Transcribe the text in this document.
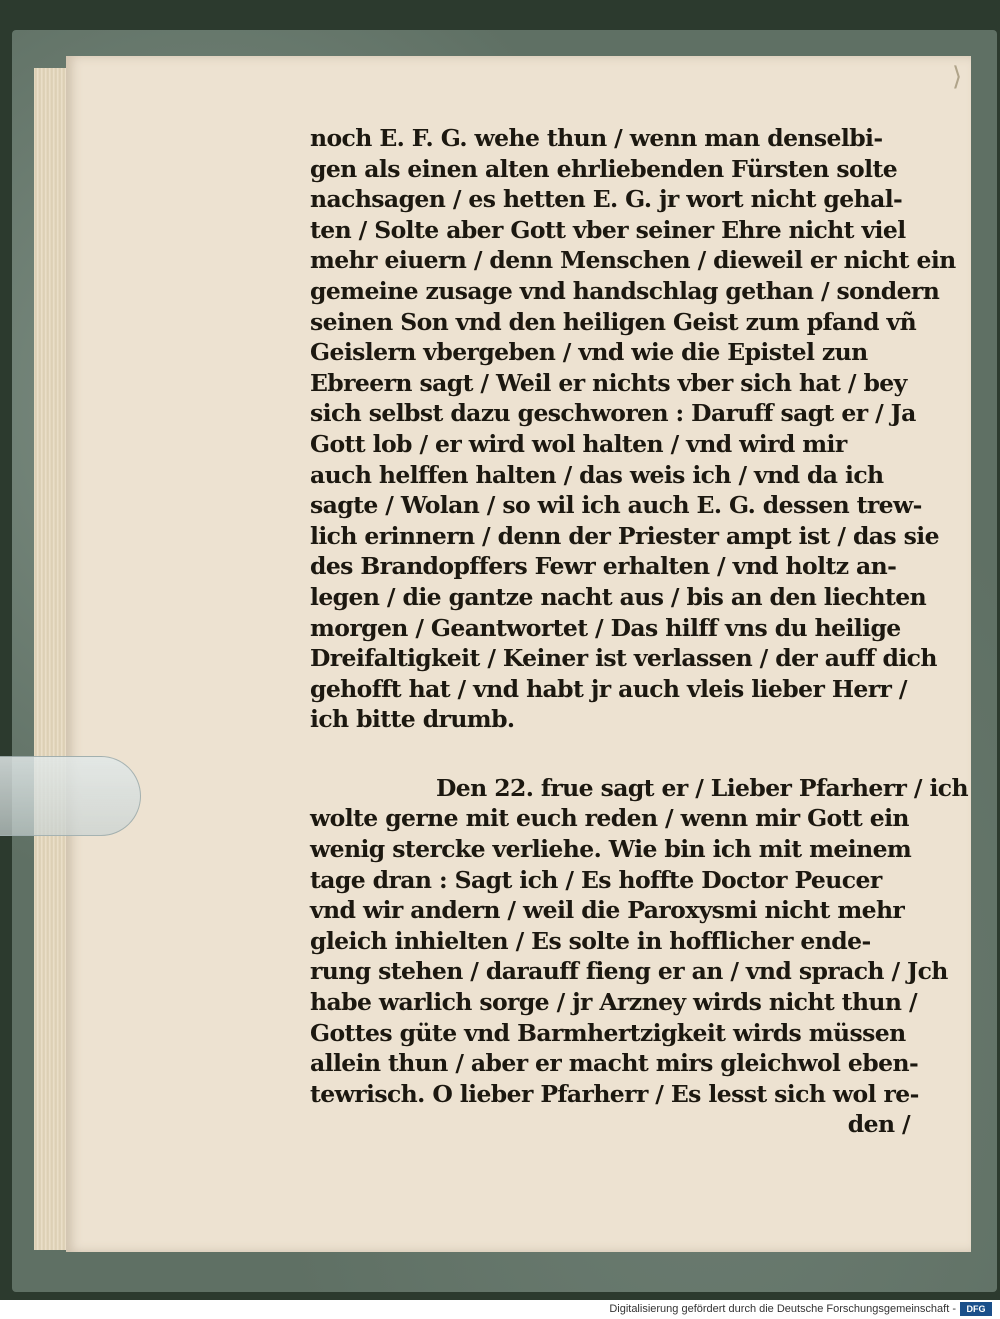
⟩
noch E. F. G. wehe thun / wenn man denselbi-
gen als einen alten ehrliebenden Fürsten solte
nachsagen / es hetten E. G. jr wort nicht gehal-
ten / Solte aber Gott vber seiner Ehre nicht viel
mehr eiuern / denn Menschen / dieweil er nicht ein
gemeine zusage vnd handschlag gethan / sondern
seinen Son vnd den heiligen Geist zum pfand vñ
Geislern vbergeben / vnd wie die Epistel zun
Ebreern sagt / Weil er nichts vber sich hat / bey
sich selbst dazu geschworen : Daruff sagt er / Ja
Gott lob / er wird wol halten / vnd wird mir
auch helffen halten / das weis ich / vnd da ich
sagte / Wolan / so wil ich auch E. G. dessen trew-
lich erinnern / denn der Priester ampt ist / das sie
des Brandopffers Fewr erhalten / vnd holtz an-
legen / die gantze nacht aus / bis an den liechten
morgen / Geantwortet / Das hilff vns du heilige
Dreifaltigkeit / Keiner ist verlassen / der auff dich
gehofft hat / vnd habt jr auch vleis lieber Herr /
ich bitte drumb.
Den 22. frue sagt er / Lieber Pfarherr / ich
wolte gerne mit euch reden / wenn mir Gott ein
wenig stercke verliehe. Wie bin ich mit meinem
tage dran : Sagt ich / Es hoffte Doctor Peucer
vnd wir andern / weil die Paroxysmi nicht mehr
gleich inhielten / Es solte in hofflicher ende-
rung stehen / darauff fieng er an / vnd sprach / Jch
habe warlich sorge / jr Arzney wirds nicht thun /
Gottes güte vnd Barmhertzigkeit wirds müssen
allein thun / aber er macht mirs gleichwol eben-
tewrisch. O lieber Pfarherr / Es lesst sich wol re-
den /
Digitalisierung gefördert durch die Deutsche Forschungsgemeinschaft -	DFG
